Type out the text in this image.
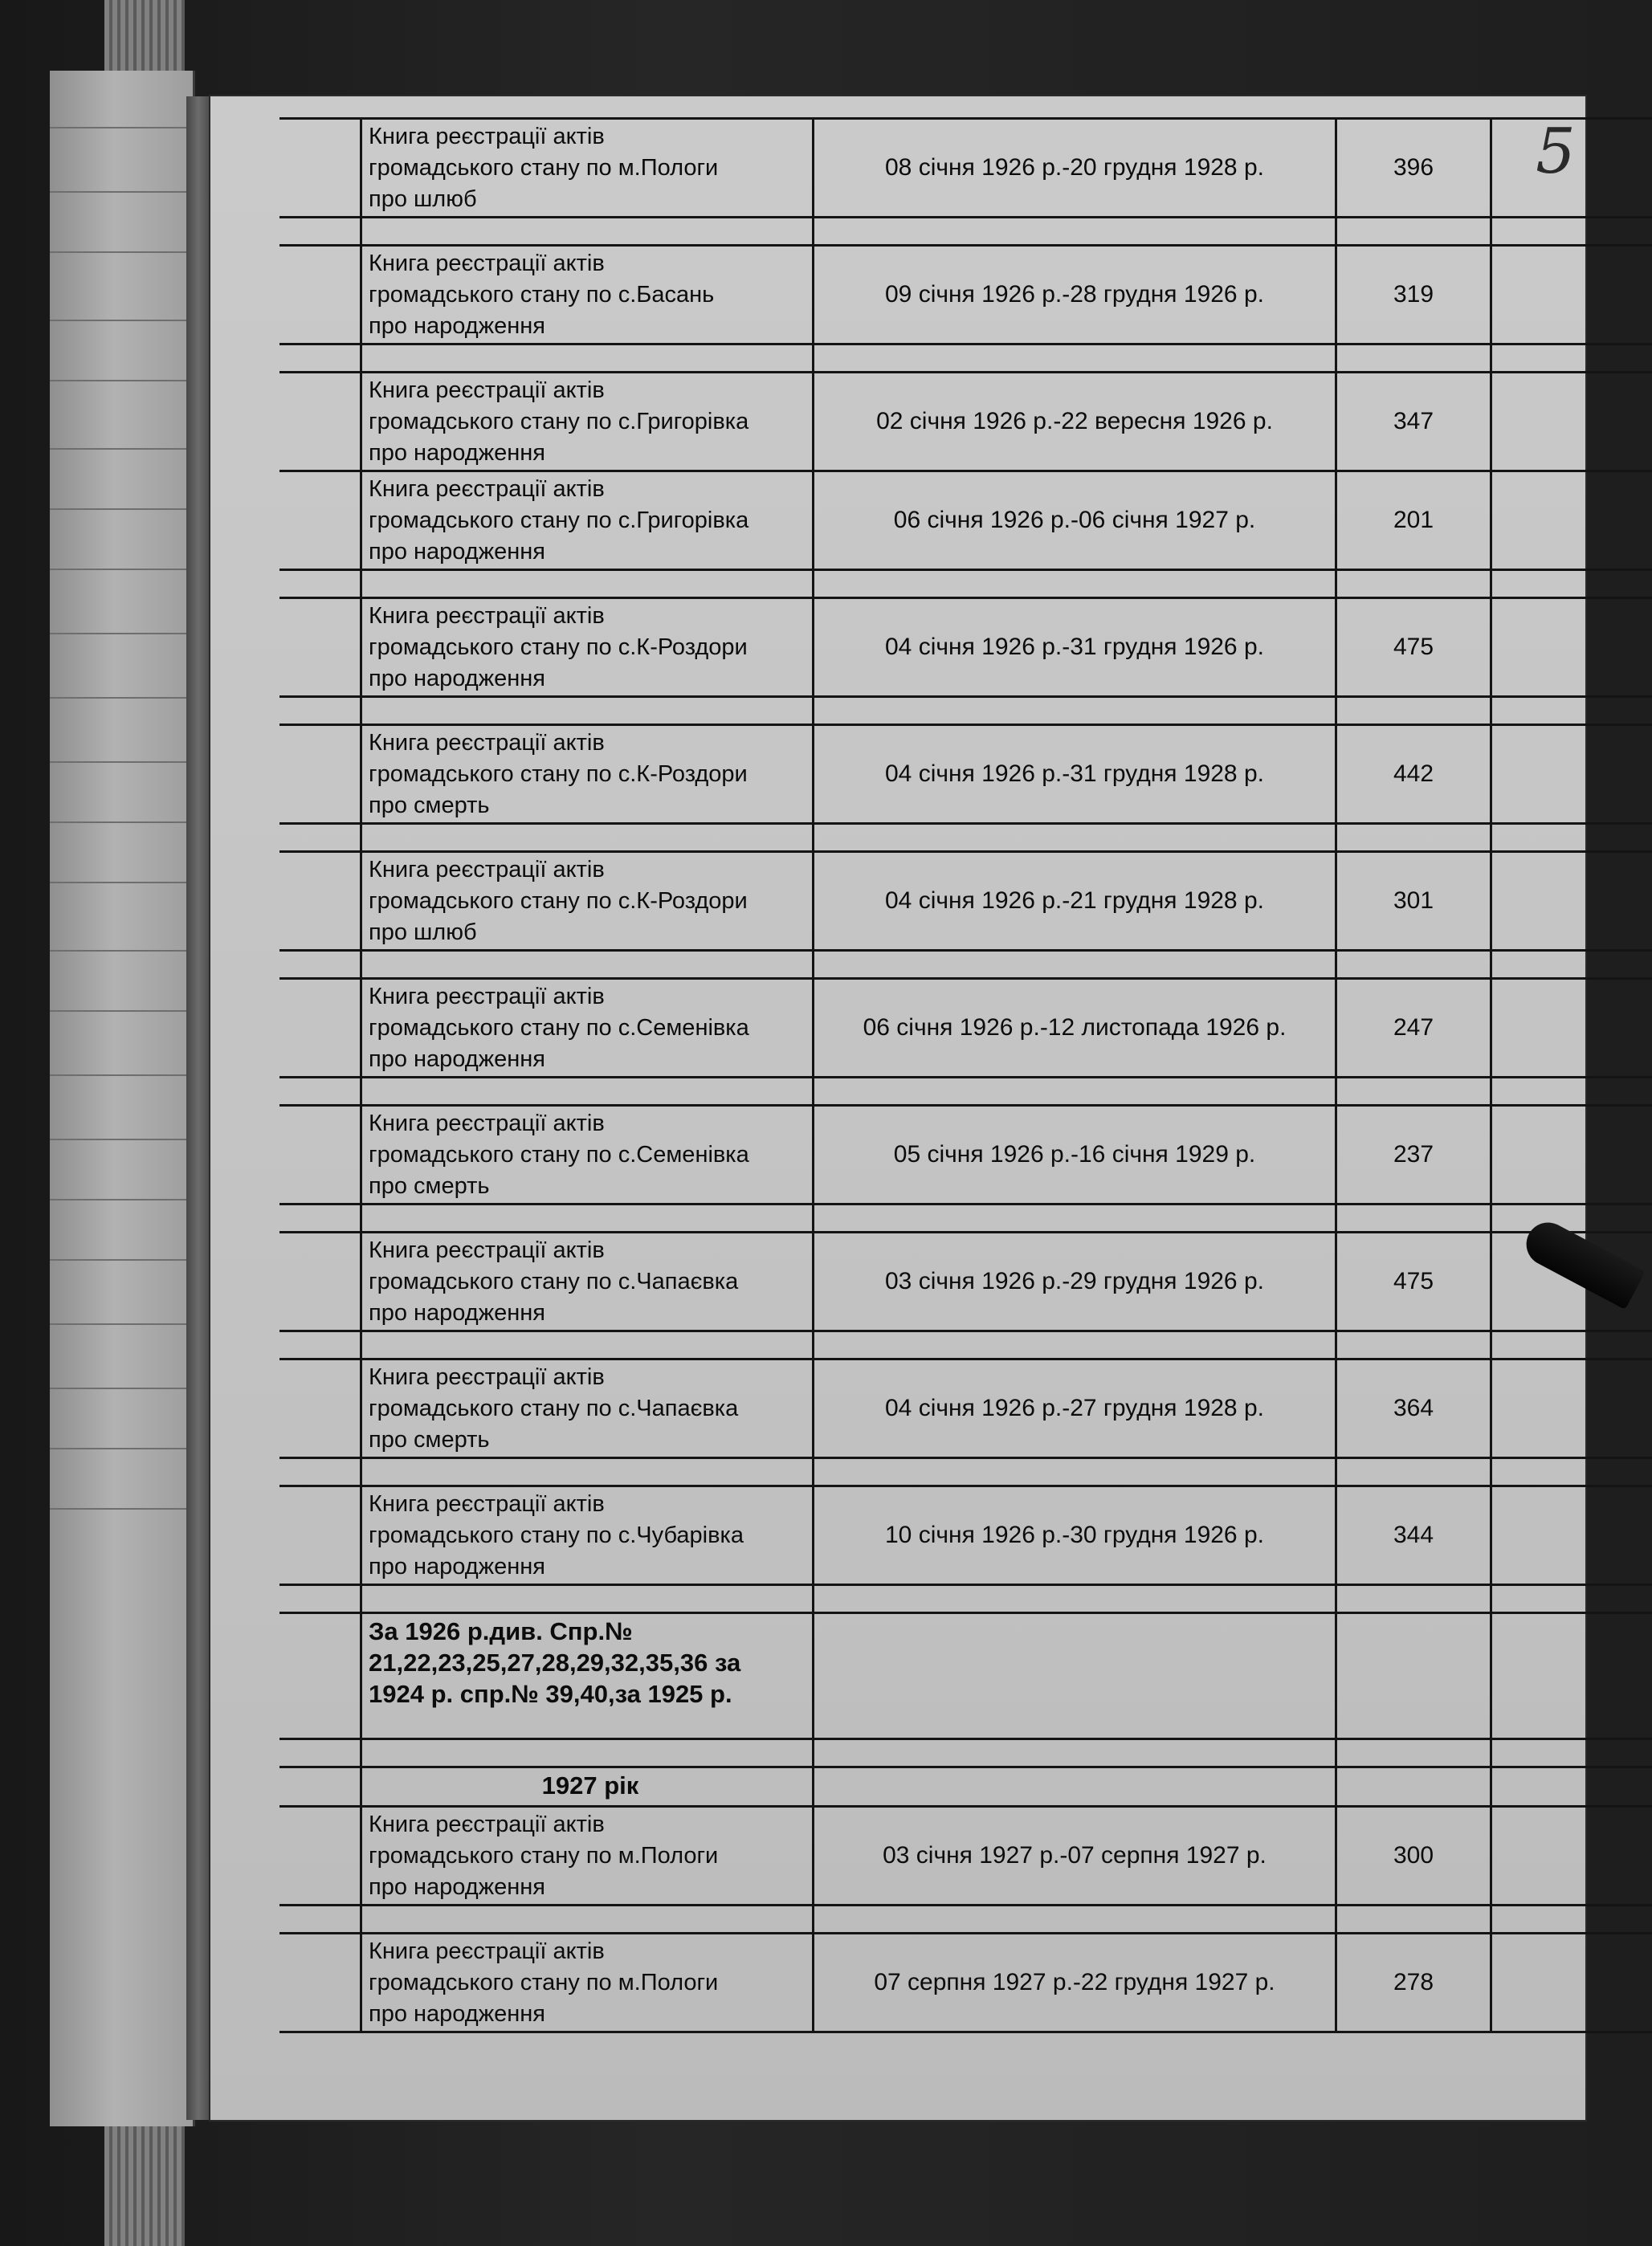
5

	Книга реєстрації актів
громадського стану по м.Пологи
про шлюб	08 січня 1926 р.-20 грудня 1928 р.	396	

	Книга реєстрації актів
громадського стану по с.Басань
про народження	09 січня 1926 р.-28 грудня 1926 р.	319	

	Книга реєстрації актів
громадського стану по с.Григорівка
про народження	02 січня 1926 р.-22 вересня 1926 р.	347	

	Книга реєстрації актів
громадського стану по с.Григорівка
про народження	06 січня 1926 р.-06 січня 1927 р.	201	

	Книга реєстрації актів
громадського стану по с.К-Роздори
про народження	04 січня 1926 р.-31 грудня 1926 р.	475	

	Книга реєстрації актів
громадського стану по с.К-Роздори
про смерть	04 січня 1926 р.-31 грудня 1928 р.	442	

	Книга реєстрації актів
громадського стану по с.К-Роздори
про шлюб	04 січня 1926 р.-21 грудня 1928 р.	301	

	Книга реєстрації актів
громадського стану по с.Семенівка
про народження	06 січня 1926 р.-12 листопада 1926 р.	247	

	Книга реєстрації актів
громадського стану по с.Семенівка
про смерть	05 січня 1926 р.-16 січня 1929 р.	237	

	Книга реєстрації актів
громадського стану по с.Чапаєвка
про народження	03 січня 1926 р.-29 грудня 1926 р.	475	

	Книга реєстрації актів
громадського стану по с.Чапаєвка
про смерть	04 січня 1926 р.-27 грудня 1928 р.	364	

	Книга реєстрації актів
громадського стану по с.Чубарівка
про народження	10 січня 1926 р.-30 грудня 1926 р.	344	

	За 1926 р.див. Спр.№
21,22,23,25,27,28,29,32,35,36 за
1924 р. спр.№ 39,40,за 1925 р.			

	1927 рік			

	Книга реєстрації актів
громадського стану по м.Пологи
про народження	03 січня 1927 р.-07 серпня 1927 р.	300	

	Книга реєстрації актів
громадського стану по м.Пологи
про народження	07 серпня 1927 р.-22 грудня 1927 р.	278	
